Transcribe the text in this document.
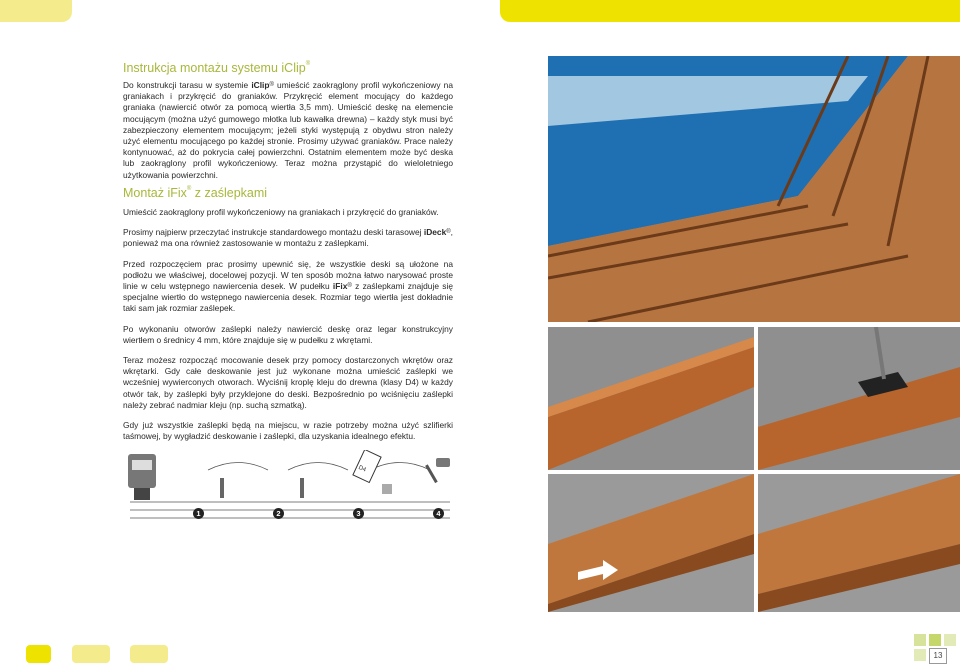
Instrukcja montażu systemu iClip®

Do konstrukcji tarasu w systemie iClip® umieścić zaokrąglony profil wykończeniowy na graniakach i przykręcić do graniaków. Przykręcić element mocujący do każdego graniaka (nawiercić otwór za pomocą wiertła 3,5 mm). Umieścić deskę na elemencie mocującym (można użyć gumowego młotka lub kawałka drewna) – każdy styk musi być zabezpieczony elementem mocującym; jeżeli styki występują z obydwu stron należy użyć elementu mocującego po każdej stronie. Prosimy używać graniaków. Prace należy kontynuować, aż do pokrycia całej powierzchni. Ostatnim elementem może być deska lub zaokrąglony profil wykończeniowy. Teraz można przystąpić do wieloletniego użytkowania powierzchni.

Montaż iFix® z zaślepkami

Umieścić zaokrąglony profil wykończeniowy na graniakach i przykręcić do graniaków.

Prosimy najpierw przeczytać instrukcje standardowego montażu deski tarasowej iDeck®, ponieważ ma ona również zastosowanie w montażu z zaślepkami.

Przed rozpoczęciem prac prosimy upewnić się, że wszystkie deski są ułożone na podłożu we właściwej, docelowej pozycji. W ten sposób można łatwo narysować proste linie w celu wstępnego nawiercenia desek. W pudełku iFix® z zaślepkami znajduje się specjalne wiertło do wstępnego nawiercenia desek. Rozmiar tego wiertła jest dokładnie taki sam jak rozmiar zaślepek.

Po wykonaniu otworów zaślepki należy nawiercić deskę oraz legar konstrukcyjny wiertłem o średnicy 4 mm, które znajduje się w pudełku z wkrętami.

Teraz możesz rozpocząć mocowanie desek przy pomocy dostarczonych wkrętów oraz wkrętarki. Gdy całe deskowanie jest już wykonane można umieścić zaślepki we wcześniej wywierconych otworach. Wyciśnij kroplę kleju do drewna (klasy D4) w każdy otwór tak, by zaślepki były przyklejone do deski. Bezpośrednio po wciśnięciu zaślepki należy zebrać nadmiar kleju (np. suchą szmatką).

Gdy już wszystkie zaślepki będą na miejscu, w razie potrzeby można użyć szlifierki taśmowej, by wygładzić deskowanie i zaślepki, dla uzyskania idealnego efektu.

D4
1	2	3	4
13
